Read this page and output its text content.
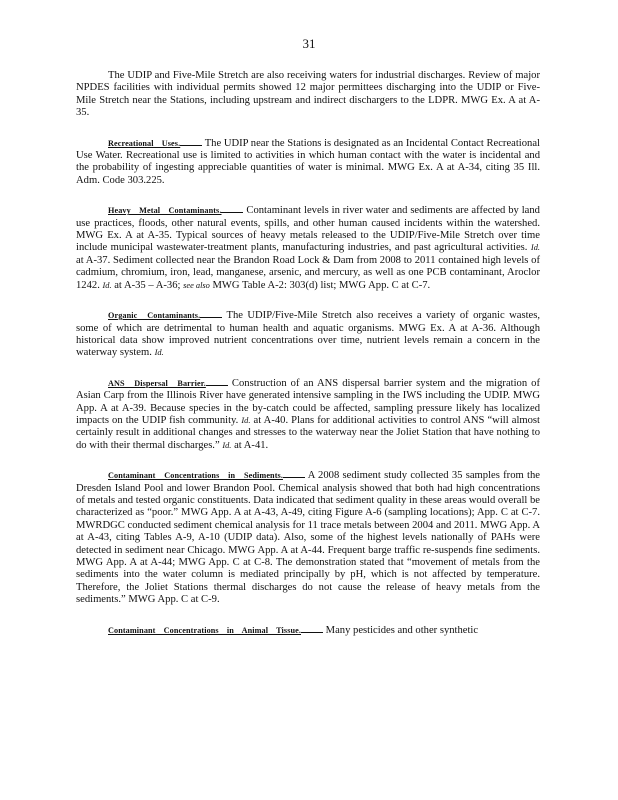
31

The UDIP and Five-Mile Stretch are also receiving waters for industrial discharges. Review of major NPDES facilities with individual permits showed 12 major permittees discharging into the UDIP or Five-Mile Stretch near the Stations, including upstream and indirect dischargers to the LDPR. MWG Ex. A at A-35.

Recreational Uses. The UDIP near the Stations is designated as an Incidental Contact Recreational Use Water. Recreational use is limited to activities in which human contact with the water is incidental and the probability of ingesting appreciable quantities of water is minimal. MWG Ex. A at A-34, citing 35 Ill. Adm. Code 303.225.

Heavy Metal Contaminants. Contaminant levels in river water and sediments are affected by land use practices, floods, other natural events, spills, and other human caused incidents within the watershed. MWG Ex. A at A-35. Typical sources of heavy metals released to the UDIP/Five-Mile Stretch over time include municipal wastewater-treatment plants, manufacturing industries, and past agricultural activities. Id. at A-37. Sediment collected near the Brandon Road Lock & Dam from 2008 to 2011 contained high levels of cadmium, chromium, iron, lead, manganese, arsenic, and mercury, as well as one PCB contaminant, Aroclor 1242. Id. at A-35 – A-36; see also MWG Table A-2: 303(d) list; MWG App. C at C-7.

Organic Contaminants. The UDIP/Five-Mile Stretch also receives a variety of organic wastes, some of which are detrimental to human health and aquatic organisms. MWG Ex. A at A-36. Although historical data show improved nutrient concentrations over time, nutrient levels remain a concern in the waterway system. Id.

ANS Dispersal Barrier. Construction of an ANS dispersal barrier system and the migration of Asian Carp from the Illinois River have generated intensive sampling in the IWS including the UDIP. MWG App. A at A-39. Because species in the by-catch could be affected, sampling pressure likely has localized impacts on the UDIP fish community. Id. at A-40. Plans for additional activities to control ANS “will almost certainly result in additional changes and stresses to the waterway near the Joliet Station that have nothing to do with their thermal discharges.” Id. at A-41.

Contaminant Concentrations in Sediments. A 2008 sediment study collected 35 samples from the Dresden Island Pool and lower Brandon Pool. Chemical analysis showed that both had high concentrations of metals and tested organic constituents. Data indicated that sediment quality in these areas would overall be characterized as “poor.” MWG App. A at A-43, A-49, citing Figure A-6 (sampling locations); App. C at C-7. MWRDGC conducted sediment chemical analysis for 11 trace metals between 2004 and 2011. MWG App. A at A-43, citing Tables A-9, A-10 (UDIP data). Also, some of the highest levels nationally of PAHs were detected in sediment near Chicago. MWG App. A at A-44. Frequent barge traffic re-suspends fine sediments. MWG App. A at A-44; MWG App. C at C-8. The demonstration stated that “movement of metals from the sediments into the water column is mediated principally by pH, which is not affected by temperature. Therefore, the Joliet Stations thermal discharges do not cause the release of heavy metals from the sediments.” MWG App. C at C-9.

Contaminant Concentrations in Animal Tissue. Many pesticides and other synthetic
